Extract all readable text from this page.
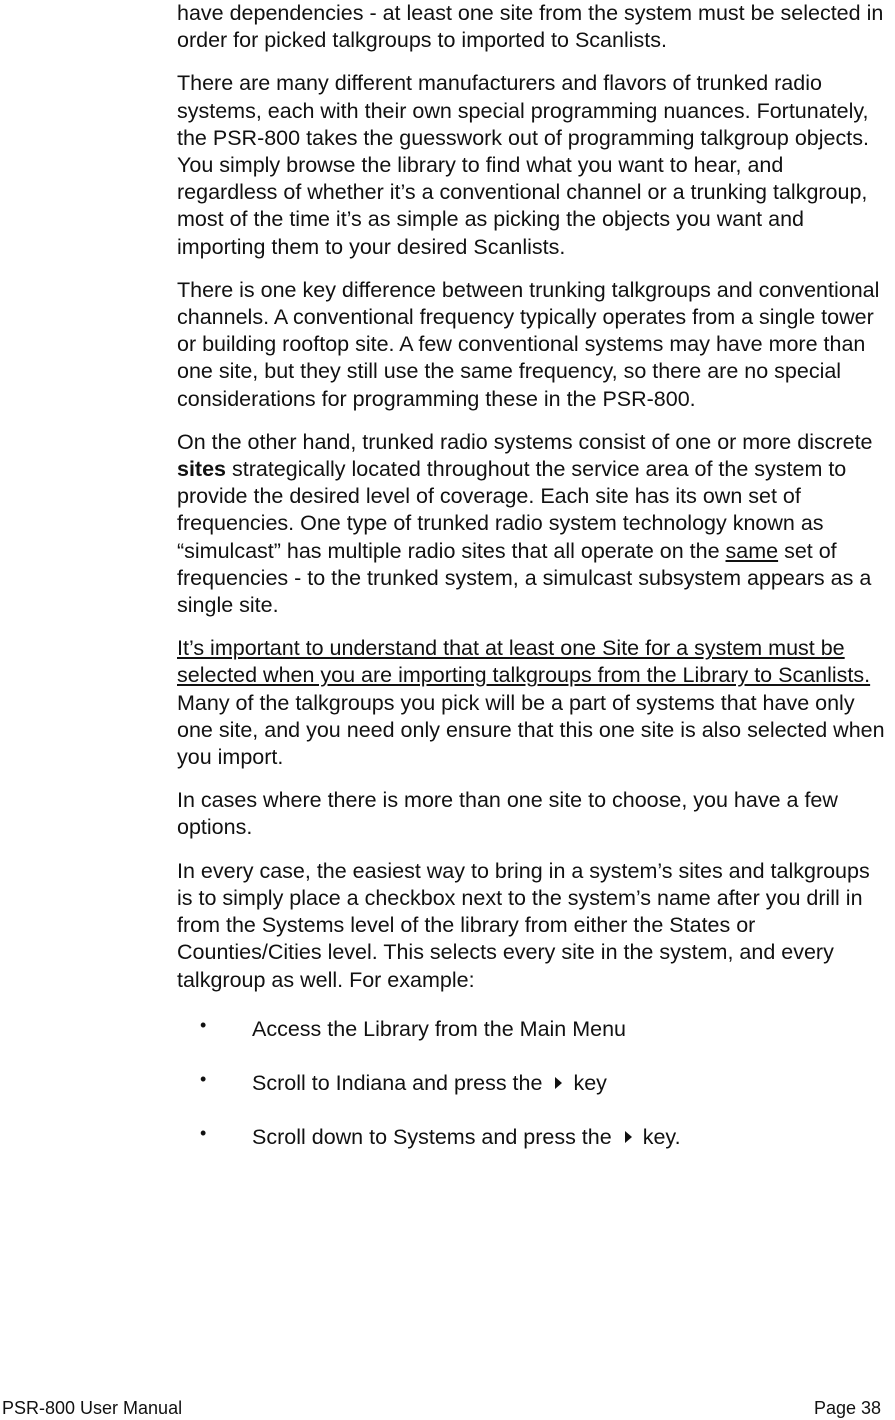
have dependencies - at least one site from the system must be selected in order for picked talkgroups to imported to Scanlists.

There are many different manufacturers and flavors of trunked radio systems, each with their own special programming nuances. Fortunately, the PSR-800 takes the guesswork out of programming talkgroup objects. You simply browse the library to find what you want to hear, and regardless of whether it’s a conventional channel or a trunking talkgroup, most of the time it’s as simple as picking the objects you want and importing them to your desired Scanlists.

There is one key difference between trunking talkgroups and conventional channels. A conventional frequency typically operates from a single tower or building rooftop site. A few conventional systems may have more than one site, but they still use the same frequency, so there are no special considerations for programming these in the PSR-800.

On the other hand, trunked radio systems consist of one or more discrete sites strategically located throughout the service area of the system to provide the desired level of coverage. Each site has its own set of frequencies. One type of trunked radio system technology known as “simulcast” has multiple radio sites that all operate on the same set of frequencies - to the trunked system, a simulcast subsystem appears as a single site.

It’s important to understand that at least one Site for a system must be selected when you are importing talkgroups from the Library to Scanlists. Many of the talkgroups you pick will be a part of systems that have only one site, and you need only ensure that this one site is also selected when you import.

In cases where there is more than one site to choose, you have a few options.

In every case, the easiest way to bring in a system’s sites and talkgroups is to simply place a checkbox next to the system’s name after you drill in from the Systems level of the library from either the States or Counties/Cities level. This selects every site in the system, and every talkgroup as well. For example:

• Access the Library from the Main Menu
• Scroll to Indiana and press the key
• Scroll down to Systems and press the key.
PSR-800 User Manual	Page 38
